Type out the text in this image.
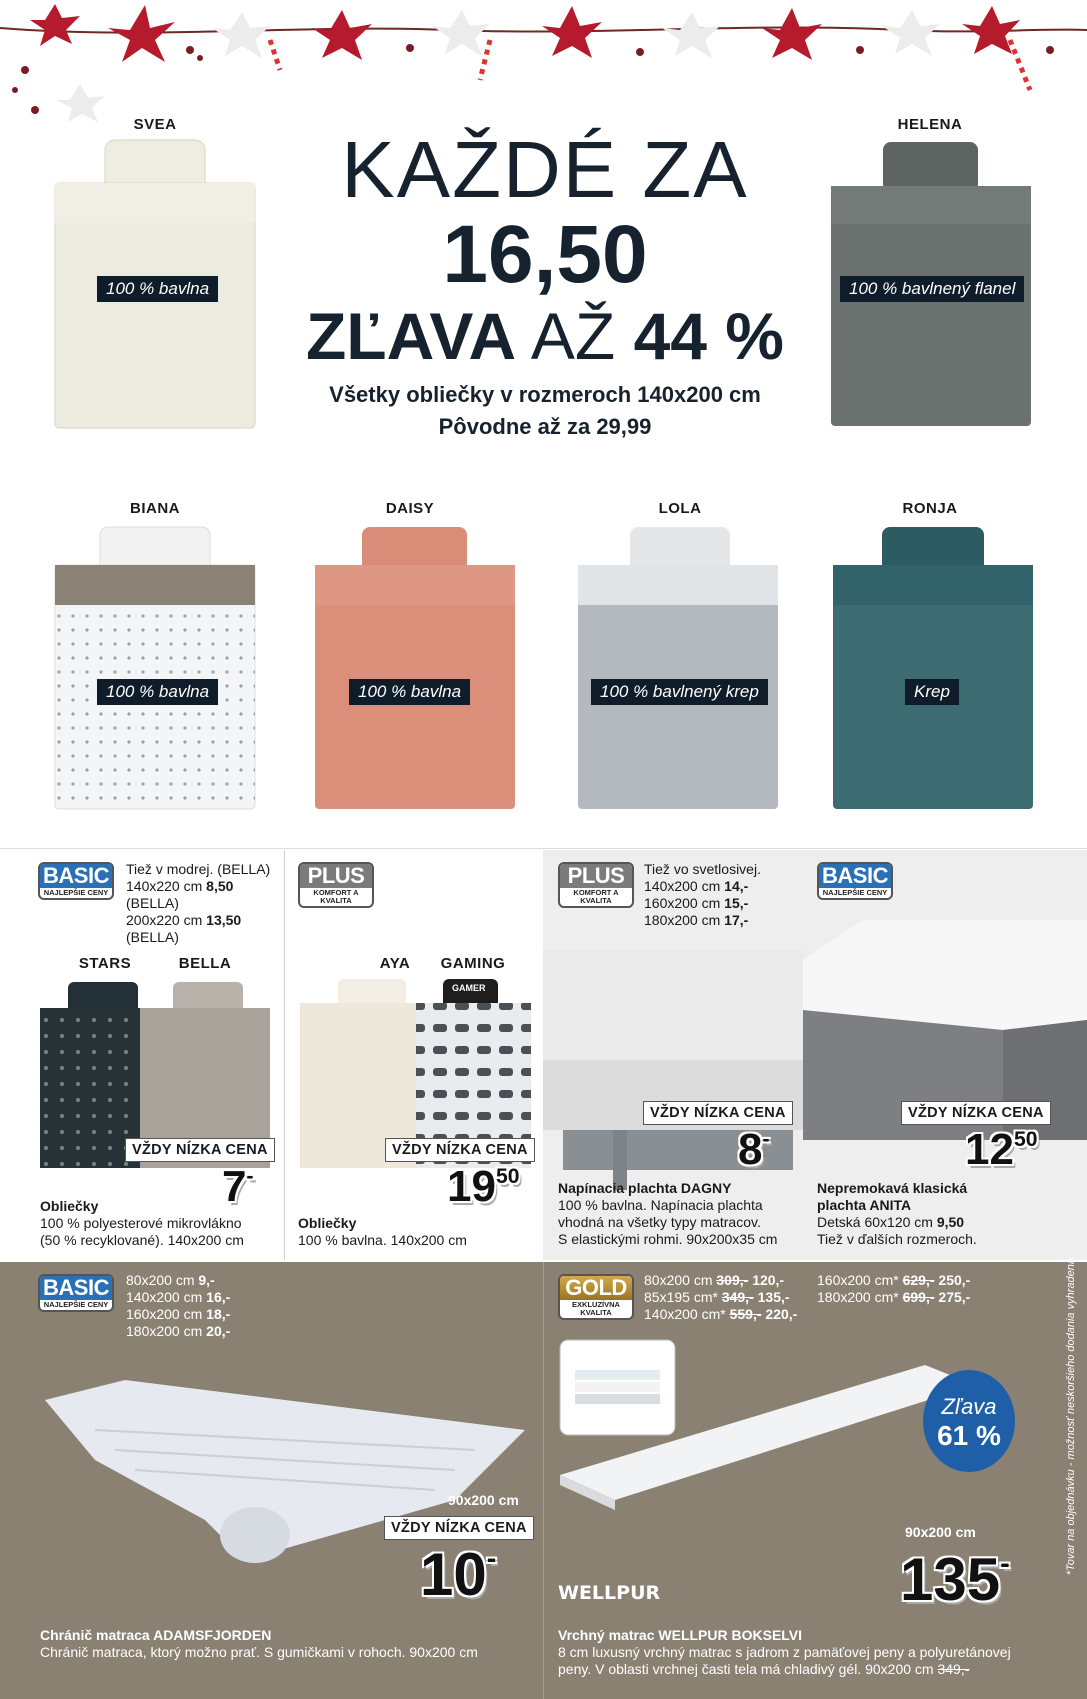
7
KAŽDÉ ZA
16,50
ZĽAVA AŽ 44 %
Všetky obliečky v rozmeroch 140x200 cm
Pôvodne až za 29,99
SVEA
100 % bavlna
HELENA
100 % bavlnený flanel
BIANA
100 % bavlna
DAISY
100 % bavlna
LOLA
100 % bavlnený krep
RONJA
Krep
BASIC
NAJLEPŠIE CENY
Tiež v modrej. (BELLA)
140x220 cm 8,50
(BELLA)
200x220 cm 13,50
(BELLA)
STARS	BELLA
VŽDY NÍZKA CENA
7-
Obliečky
100 % polyesterové mikrovlákno
(50 % recyklované). 140x200 cm
PLUS
KOMFORT A KVALITA
AYA	GAMING
GAMER
VŽDY NÍZKA CENA
$19^{50}$
Obliečky
100 % bavlna. 140x200 cm
PLUS
KOMFORT A KVALITA
Tiež vo svetlosivej.
140x200 cm 14,-
160x200 cm 15,-
180x200 cm 17,-
VŽDY NÍZKA CENA
8-
Napínacia plachta DAGNY
100 % bavlna. Napínacia plachta
vhodná na všetky typy matracov.
S elastickými rohmi. 90x200x35 cm
BASIC
NAJLEPŠIE CENY
VŽDY NÍZKA CENA
$12^{50}$
Nepremokavá klasická
plachta ANITA
Detská 60x120 cm 9,50
Tiež v ďalších rozmeroch.
BASIC
NAJLEPŠIE CENY
80x200 cm 9,-
140x200 cm 16,-
160x200 cm 18,-
180x200 cm 20,-
90x200 cm
VŽDY NÍZKA CENA
10-
Chránič matraca ADAMSFJORDEN
Chránič matraca, ktorý možno prať. S gumičkami v rohoch. 90x200 cm
GOLD
EXKLUZÍVNA KVALITA
80x200 cm 309,- 120,-
85x195 cm* 349,- 135,-
140x200 cm* 559,- 220,-
160x200 cm* 629,- 250,-
180x200 cm* 699,- 275,-
Zľava
61 %
90x200 cm
135-
WELLPUR
Vrchný matrac WELLPUR BOKSELVI
8 cm luxusný vrchný matrac s jadrom z pamäťovej peny a polyuretánovej
peny. V oblasti vrchnej časti tela má chladivý gél. 90x200 cm 349,-
*Tovar na objednávku - možnosť neskoršieho dodania vyhradená.
